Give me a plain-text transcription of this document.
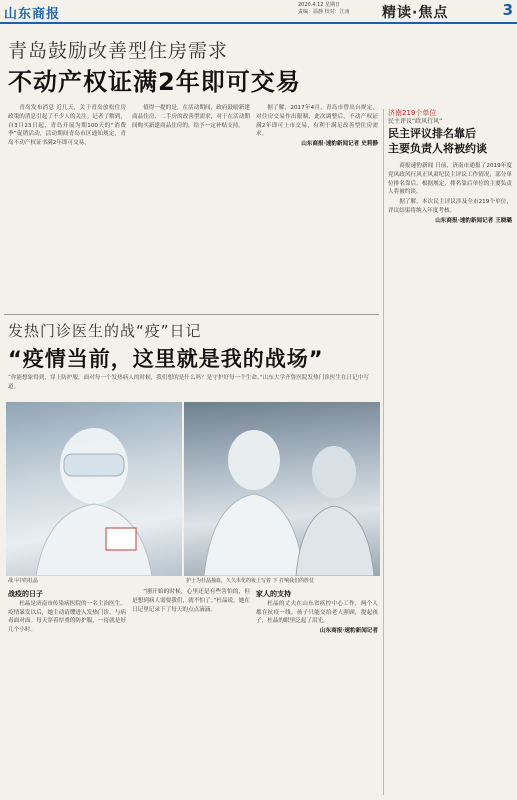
山东商报
2020.4.12 星期日
责编：温静 校对：江南 精读·焦点	3
青岛鼓励改善型住房需求
不动产权证满2年即可交易

青岛发布消息 近几天，关于青岛放松住房政策的消息引起了不少人的关注。记者了解到，自3月23日起，青岛开展为期100天的“消费季”促销活动，活动期间青岛市区通知规定，青岛不动产权证书满2年即可交易。

值得一提的是，在活动期间，政府鼓励新建商品住房、二手房的改善型需求，对于在活动期间购买新建商品住房的，给予一定补贴支持。

据了解，2017年4月，青岛市曾出台规定，对住房交易作出限制，此次调整后，不动产权证满2年即可上市交易，有利于满足改善型住房需求。

山东商报·速豹新闻记者 史莉静
济南219个单位
民主评议“政风行风”
民主评议排名靠后
主要负责人将被约谈

商报速豹新闻 日前，济南市通报了2019年度党风政风行风正风肃纪民主评议工作情况，部分单位排名靠后。根据规定，排名靠后单位的主要负责人将被约谈。

据了解，本次民主评议涉及全市219个单位，评议结果将纳入年度考核。

山东商报·速豹新闻记者 王晓璐
发热门诊医生的战“疫”日记
“疫情当前，这里就是我的战场”
“你能想象得到，穿上防护服，面对每一个发热病人的时候，我们想的是什么吗？是守护好每一个生命。”山东大学齐鲁医院发热门诊医生在日记中写道。
战斗中的杜晶	护士为杜晶抽血，久久未化的妆上写着 下 打响我们的胜仗

战疫的日子

杜晶是济南市传染病医院的一名主治医生。疫情暴发以后，她主动请缨进入发热门诊，与病毒面对面。每天穿着厚重的防护服，一待就是好几个小时。

“刚开始的时候，心里还是有些害怕的，但是想到病人需要我们，就不怕了。”杜晶说，她在日记里记录下了每天的点点滴滴。

家人的支持

杜晶的丈夫在山东省疾控中心工作，两个人都在抗疫一线。孩子只能交给老人照顾，提起孩子，杜晶的眼里泛起了泪光。

山东商报·速豹新闻记者
